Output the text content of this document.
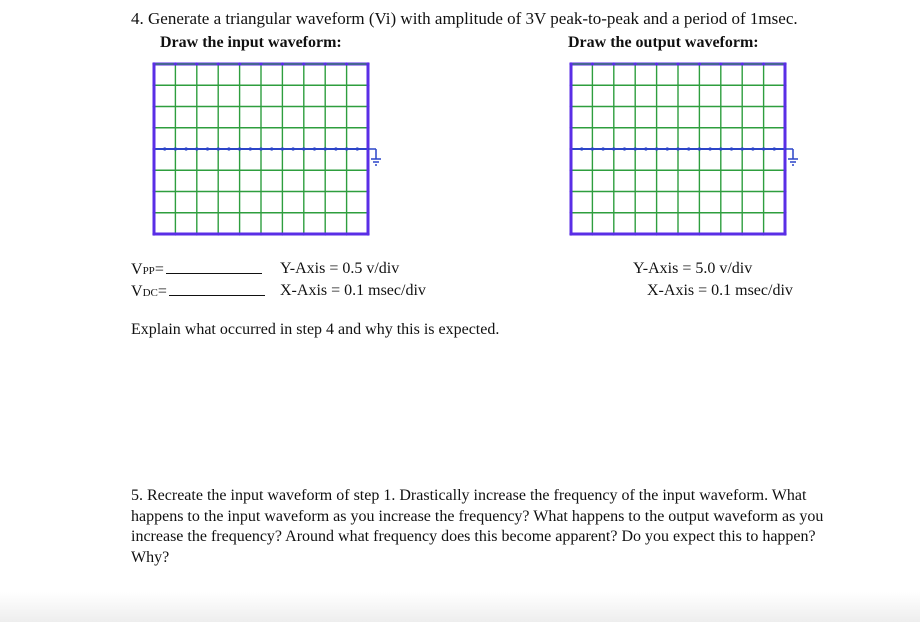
4. Generate a triangular waveform (Vi) with amplitude of 3V peak-to-peak and a period of 1msec.
Draw the input waveform:	Draw the output waveform:
VPP=
VDC=
Y-Axis = 0.5 v/div
X-Axis = 0.1 msec/div
Y-Axis = 5.0 v/div
X-Axis = 0.1 msec/div
Explain what occurred in step 4 and why this is expected.
5. Recreate the input waveform of step 1. Drastically increase the frequency of the input waveform. What happens to the input waveform as you increase the frequency? What happens to the output waveform as you increase the frequency? Around what frequency does this become apparent? Do you expect this to happen? Why?
